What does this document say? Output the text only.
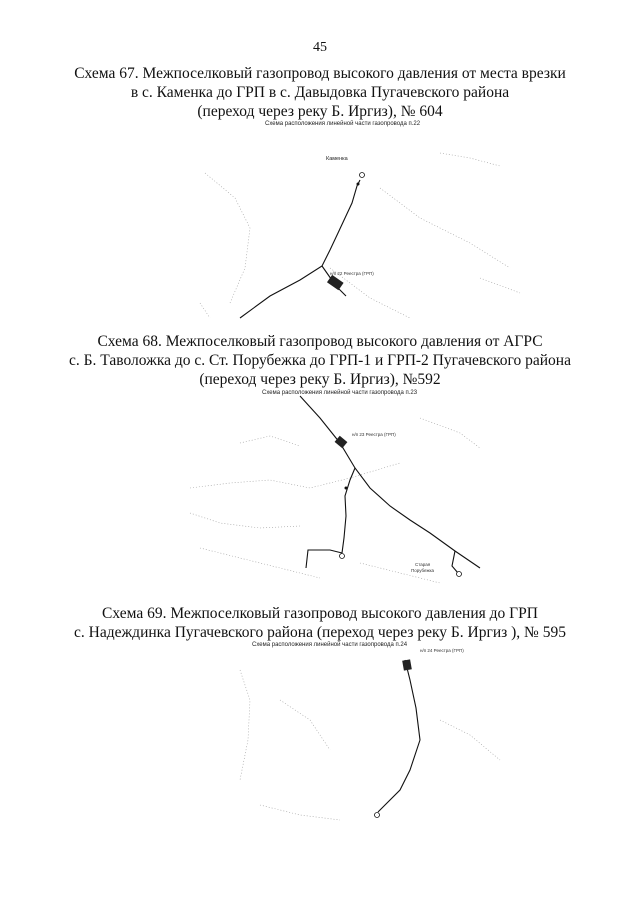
45
Схема 67. Межпоселковый газопровод высокого давления от места врезки
в с. Каменка до ГРП в с. Давыдовка Пугачевского района
(переход через реку Б. Иргиз), № 604
Схема расположения линейной части газопровода п.22
Каменка
н/п 22 Реестра (ГРП)
Схема 68. Межпоселковый газопровод высокого давления от АГРС
с. Б. Таволожка до с. Ст. Порубежка до ГРП-1 и ГРП-2 Пугачевского района
(переход через реку Б. Иргиз), №592
Схема расположения линейной части газопровода п.23
н/п 23 Реестра (ГРП)
Старая
Порубежка
Схема 69. Межпоселковый газопровод высокого давления до ГРП
с. Надеждинка Пугачевского района (переход через реку Б. Иргиз ), № 595
Схема расположения линейной части газопровода п.24
н/п 24 Реестра (ГРП)
